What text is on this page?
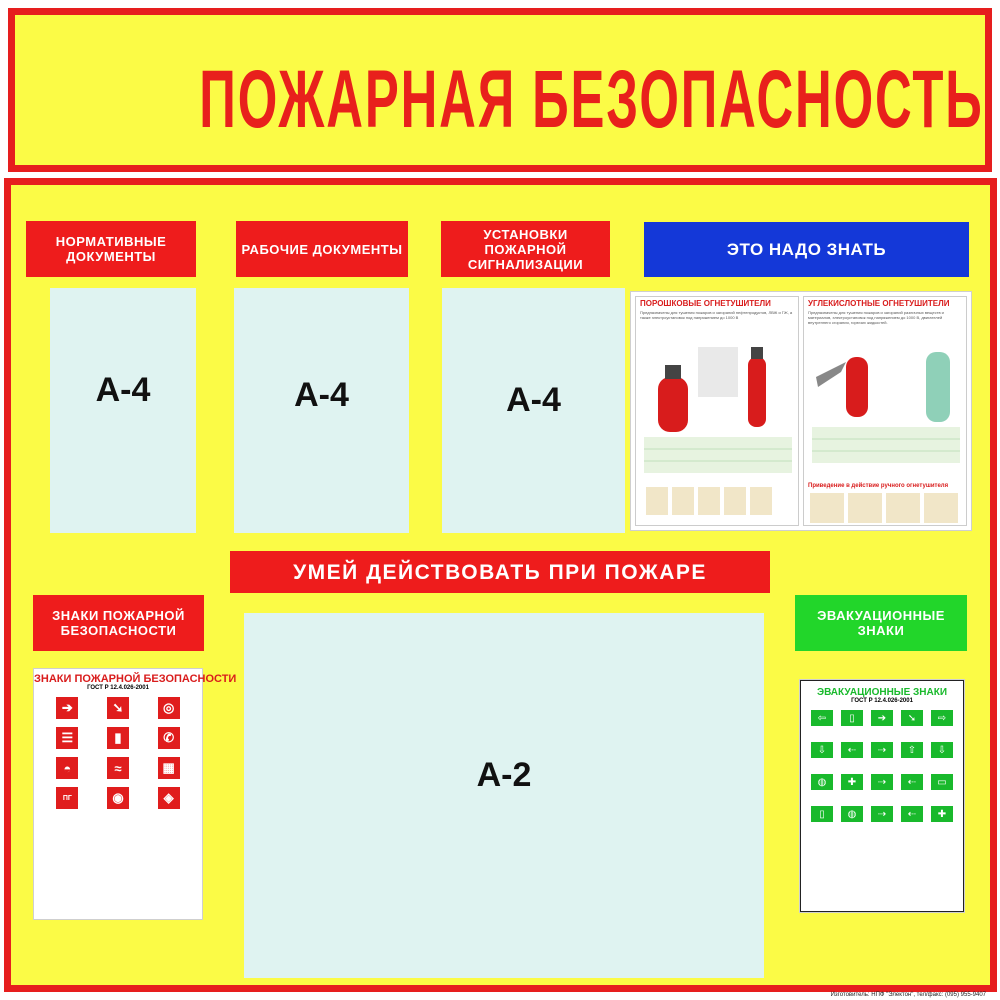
ПОЖАРНАЯ БЕЗОПАСНОСТЬ
НОРМАТИВНЫЕ ДОКУМЕНТЫ	РАБОЧИЕ ДОКУМЕНТЫ
УСТАНОВКИ ПОЖАРНОЙ СИГНАЛИЗАЦИИ
ЭТО НАДО ЗНАТЬ
А-4	А-4	А-4
ПОРОШКОВЫЕ ОГНЕТУШИТЕЛИ
Предназначены для тушения пожаров и загораний нефтепродуктов, ЛВЖ и ГЖ, а также электроустановок под напряжением до 1000 В
УГЛЕКИСЛОТНЫЕ ОГНЕТУШИТЕЛИ
Предназначены для тушения пожаров и загораний различных веществ и материалов, электроустановок под напряжением до 1000 В, двигателей внутреннего сгорания, горючих жидкостей.
Приведение в действие ручного огнетушителя
УМЕЙ ДЕЙСТВОВАТЬ ПРИ ПОЖАРЕ
ЗНАКИ ПОЖАРНОЙ БЕЗОПАСНОСТИ
ЭВАКУАЦИОННЫЕ ЗНАКИ
А-2
ЗНАКИ ПОЖАРНОЙ БЕЗОПАСНОСТИ
ГОСТ Р 12.4.026-2001
➔	➘	◎
☰	▮	✆
◓	≈	▦
ПГ	◉	◈
ЭВАКУАЦИОННЫЕ ЗНАКИ
ГОСТ Р 12.4.026-2001
⇦	▯	➔	➘	⇨
⇩	⇠	⇢	⇧	⇩
◍	✚	⇢	⇠	▭
▯	◍	⇢	⇠	✚
Изготовитель: НПФ "Электон", тел/факс: (095) 955-9407
